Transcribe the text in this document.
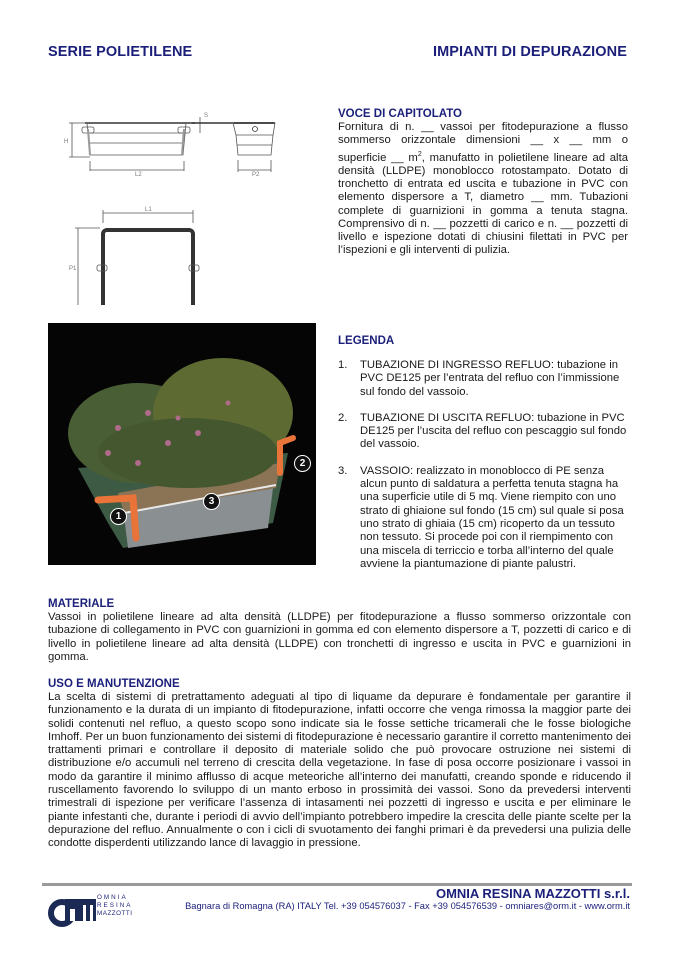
SERIE POLIETILENE	IMPIANTI DI DEPURAZIONE
H
L2	P2
L1
P1
S	VOCE DI CAPITOLATO
Fornitura di n. __ vassoi per fitodepurazione a flusso sommerso orizzontale dimensioni __ x __ mm o superficie __ $m^2$, manufatto in polietilene lineare ad alta densità (LLDPE) monoblocco rotostampato. Dotato di tronchetto di entrata ed uscita e tubazione in PVC con elemento dispersore a T, diametro __ mm. Tubazioni complete di guarnizioni in gomma a tenuta stagna. Comprensivo di n. __ pozzetti di carico e n. __ pozzetti di livello e ispezione dotati di chiusini filettati in PVC per l’ispezioni e gli interventi di pulizia.
1
2
3
LEGENDA
1. TUBAZIONE DI INGRESSO REFLUO: tubazione in PVC DE125 per l’entrata del refluo con l’immissione sul fondo del vassoio.
2. TUBAZIONE DI USCITA REFLUO: tubazione in PVC DE125 per l’uscita del refluo con pescaggio sul fondo del vassoio.
3. VASSOIO: realizzato in monoblocco di PE senza alcun punto di saldatura a perfetta tenuta stagna ha una superficie utile di 5 mq. Viene riempito con uno strato di ghiaione sul fondo (15 cm) sul quale si posa uno strato di ghiaia (15 cm) ricoperto da un tessuto non tessuto. Si procede poi con il riempimento con una miscela di terriccio e torba all’interno del quale avviene la piantumazione di piante palustri.
MATERIALE
Vassoi in polietilene lineare ad alta densità (LLDPE) per fitodepurazione a flusso sommerso orizzontale con tubazione di collegamento in PVC con guarnizioni in gomma ed con elemento dispersore a T, pozzetti di carico e di livello in polietilene lineare ad alta densità (LLDPE) con tronchetti di ingresso e uscita in PVC e guarnizioni in gomma.
USO E MANUTENZIONE
La scelta di sistemi di pretrattamento adeguati al tipo di liquame da depurare è fondamentale per garantire il funzionamento e la durata di un impianto di fitodepurazione, infatti occorre che venga rimossa la maggior parte dei solidi contenuti nel refluo, a questo scopo sono indicate sia le fosse settiche tricamerali che le fosse biologiche Imhoff. Per un buon funzionamento dei sistemi di fitodepurazione è necessario garantire il corretto mantenimento dei trattamenti primari e controllare il deposito di materiale solido che può provocare ostruzione nei sistemi di distribuzione e/o accumuli nel terreno di crescita della vegetazione. In fase di posa occorre posizionare i vassoi in modo da garantire il minimo afflusso di acque meteoriche all’interno dei manufatti, creando sponde e riducendo il ruscellamento favorendo lo sviluppo di un manto erboso in prossimità dei vassoi. Sono da prevedersi interventi trimestrali di ispezione per verificare l’assenza di intasamenti nei pozzetti di ingresso e uscita e per eliminare le piante infestanti che, durante i periodi di avvio dell’impianto potrebbero impedire la crescita delle piante scelte per la depurazione del refluo. Annualmente o con i cicli di svuotamento dei fanghi primari è da prevedersi una pulizia delle condotte disperdenti utilizzando lance di lavaggio in pressione.
OMNIA
RESINA
MAZZOTTI
OMNIA RESINA MAZZOTTI s.r.l.
Bagnara di Romagna (RA) ITALY Tel. +39 054576037 - Fax +39 054576539 - omniares@orm.it - www.orm.it
